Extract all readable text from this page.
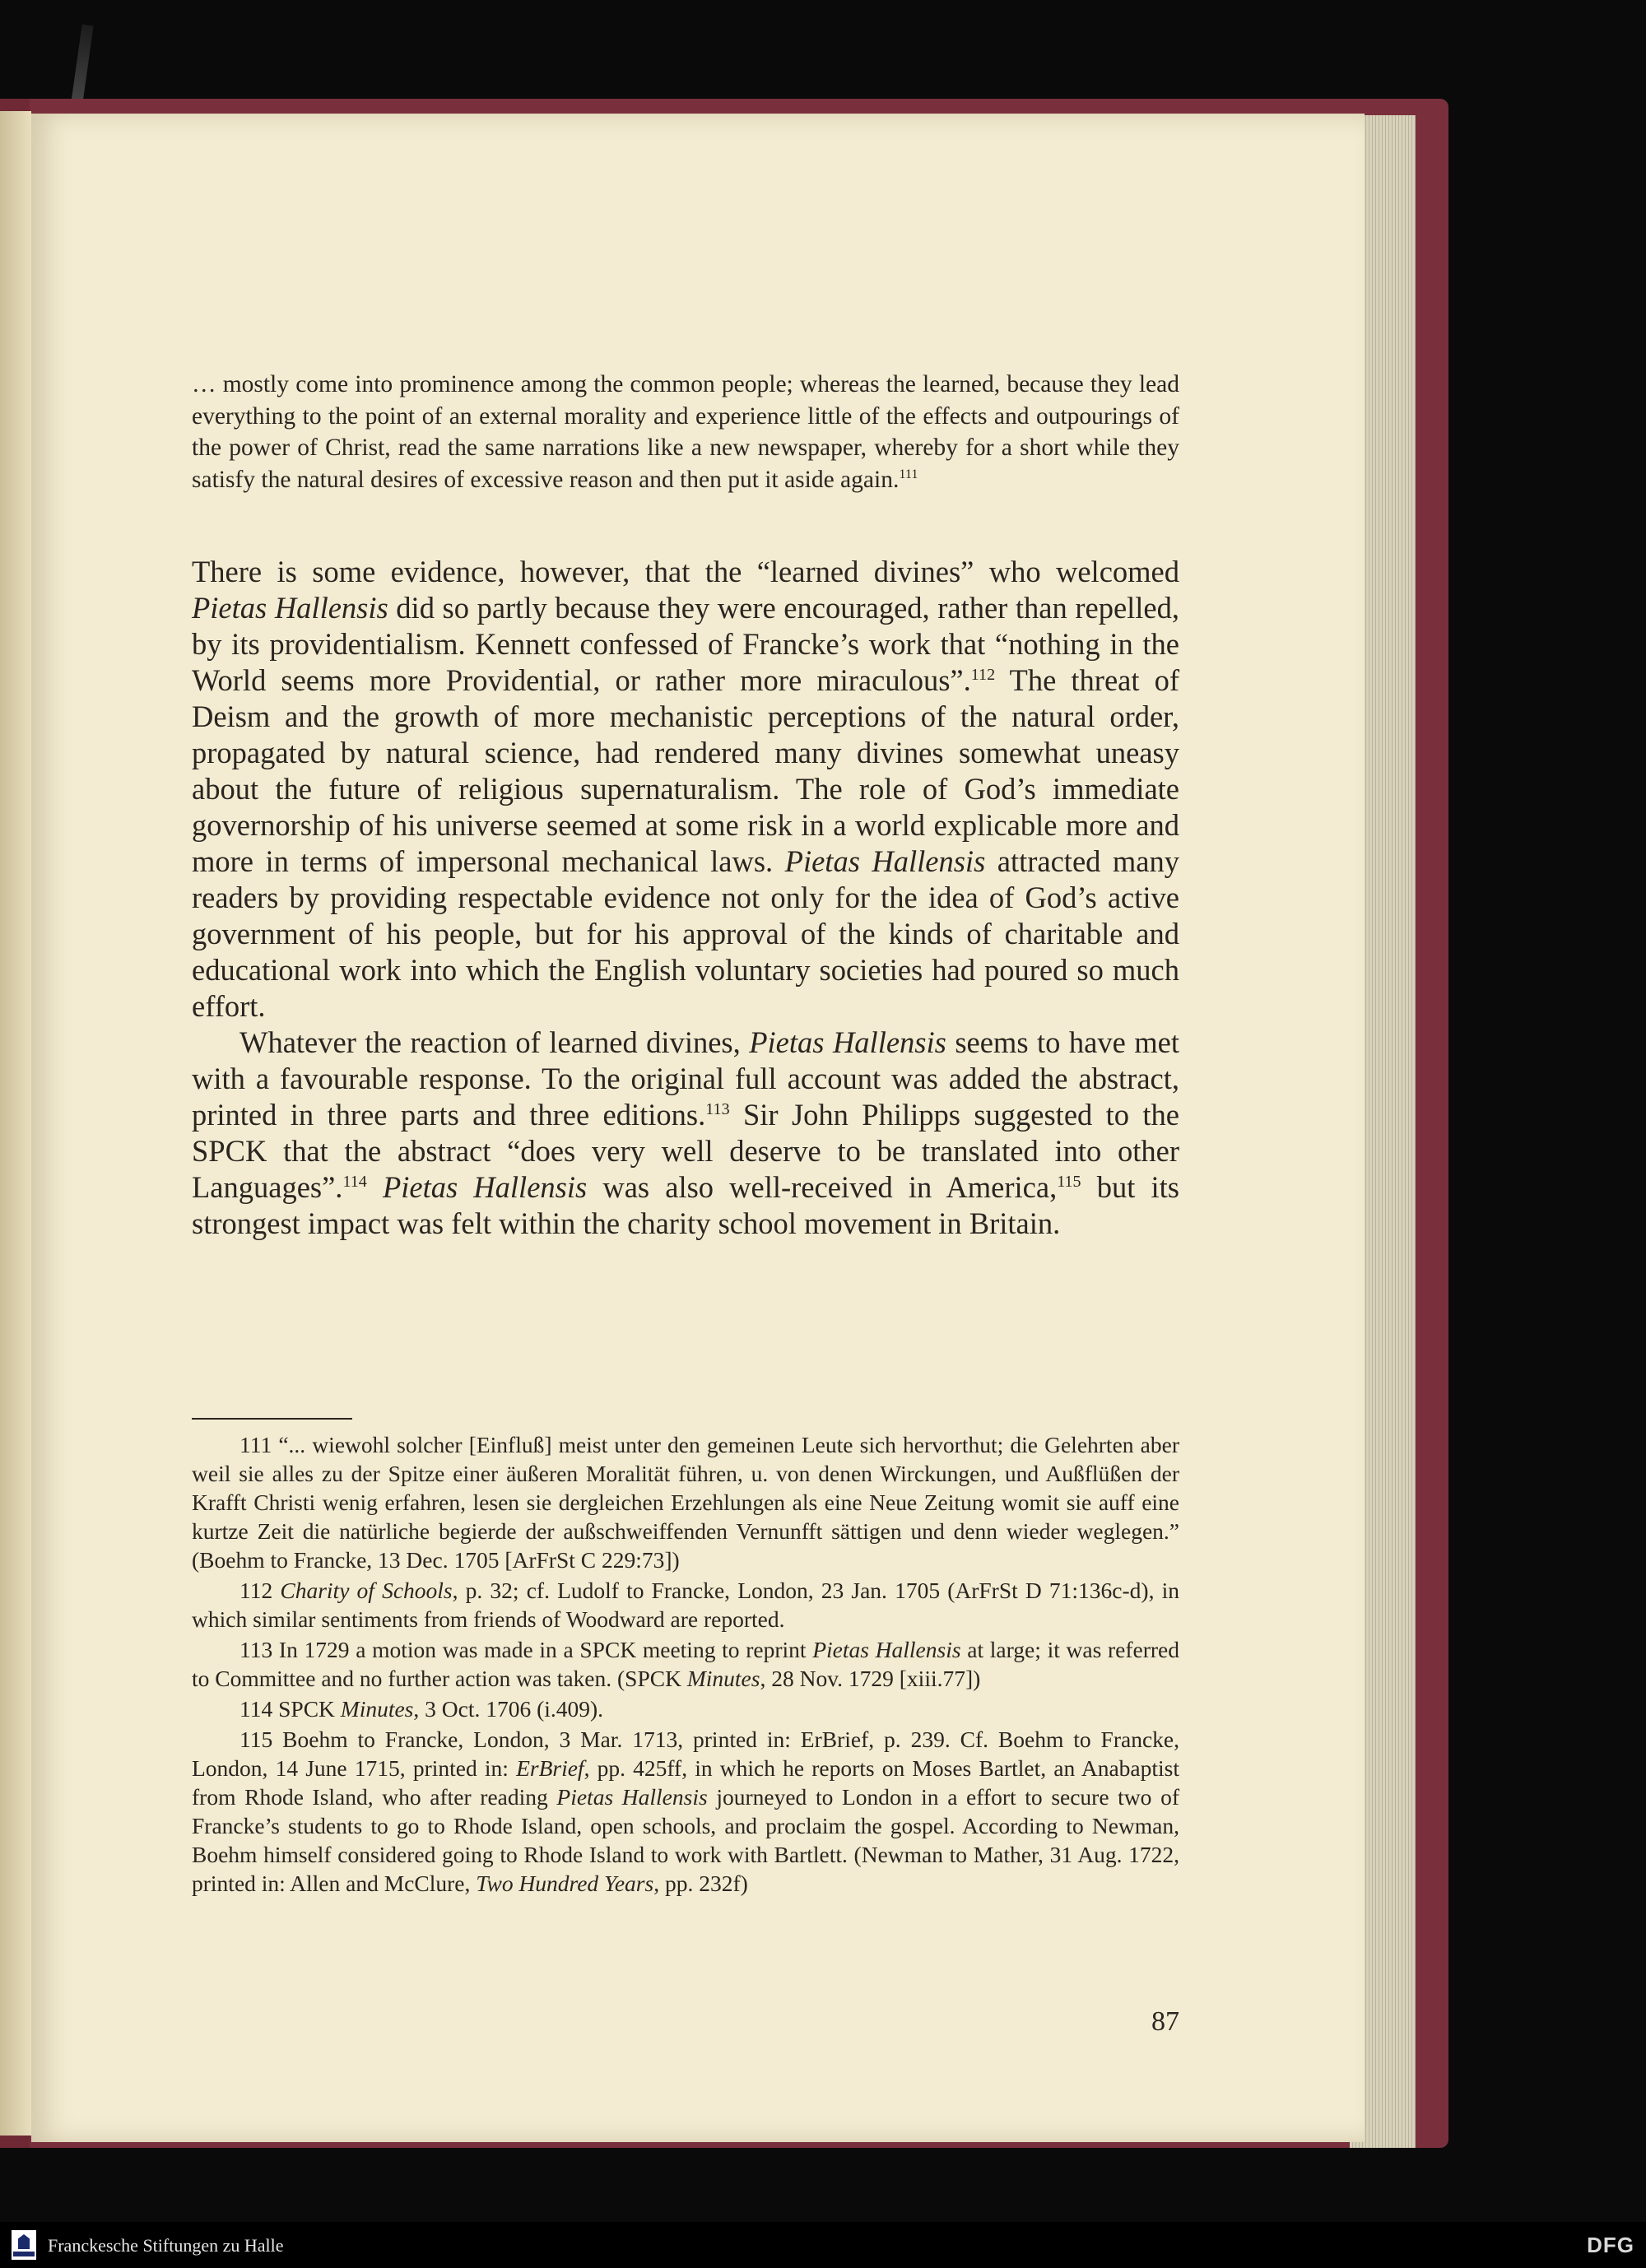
… mostly come into prominence among the common people; whereas the learned, because they lead everything to the point of an external morality and experience little of the effects and outpourings of the power of Christ, read the same narrations like a new newspaper, whereby for a short while they satisfy the natural desires of excessive reason and then put it aside again.$^{111}$

There is some evidence, however, that the “learned divines” who welcomed Pietas Hallensis did so partly because they were encouraged, rather than repelled, by its providentialism. Kennett confessed of Francke’s work that “nothing in the World seems more Providential, or rather more miraculous”.$^{112}$ The threat of Deism and the growth of more mechanistic perceptions of the natural order, propagated by natural science, had rendered many divines somewhat uneasy about the future of religious supernaturalism. The role of God’s immediate governorship of his universe seemed at some risk in a world explicable more and more in terms of impersonal mechanical laws. Pietas Hallensis attracted many readers by providing respectable evidence not only for the idea of God’s active government of his people, but for his approval of the kinds of charitable and educational work into which the English voluntary societies had poured so much effort.

Whatever the reaction of learned divines, Pietas Hallensis seems to have met with a favourable response. To the original full account was added the abstract, printed in three parts and three editions.$^{113}$ Sir John Philipps suggested to the SPCK that the abstract “does very well deserve to be translated into other Languages”.$^{114}$ Pietas Hallensis was also well-received in America,$^{115}$ but its strongest impact was felt within the charity school movement in Britain.

111 “... wiewohl solcher [Einfluß] meist unter den gemeinen Leute sich hervorthut; die Gelehrten aber weil sie alles zu der Spitze einer äußeren Moralität führen, u. von denen Wirckungen, und Außflüßen der Krafft Christi wenig erfahren, lesen sie dergleichen Erzehlungen als eine Neue Zeitung womit sie auff eine kurtze Zeit die natürliche begierde der außschweiffenden Vernunfft sättigen und denn wieder weglegen.” (Boehm to Francke, 13 Dec. 1705 [ArFrSt C 229:73])

112 Charity of Schools, p. 32; cf. Ludolf to Francke, London, 23 Jan. 1705 (ArFrSt D 71:136c-d), in which similar sentiments from friends of Woodward are reported.

113 In 1729 a motion was made in a SPCK meeting to reprint Pietas Hallensis at large; it was referred to Committee and no further action was taken. (SPCK Minutes, 28 Nov. 1729 [xiii.77])

114 SPCK Minutes, 3 Oct. 1706 (i.409).

115 Boehm to Francke, London, 3 Mar. 1713, printed in: ErBrief, p. 239. Cf. Boehm to Francke, London, 14 June 1715, printed in: ErBrief, pp. 425ff, in which he reports on Moses Bartlet, an Anabaptist from Rhode Island, who after reading Pietas Hallensis journeyed to London in a effort to secure two of Francke’s students to go to Rhode Island, open schools, and proclaim the gospel. According to Newman, Boehm himself considered going to Rhode Island to work with Bartlett. (Newman to Mather, 31 Aug. 1722, printed in: Allen and McClure, Two Hundred Years, pp. 232f)

87
Franckesche Stiftungen zu Halle	DFG
